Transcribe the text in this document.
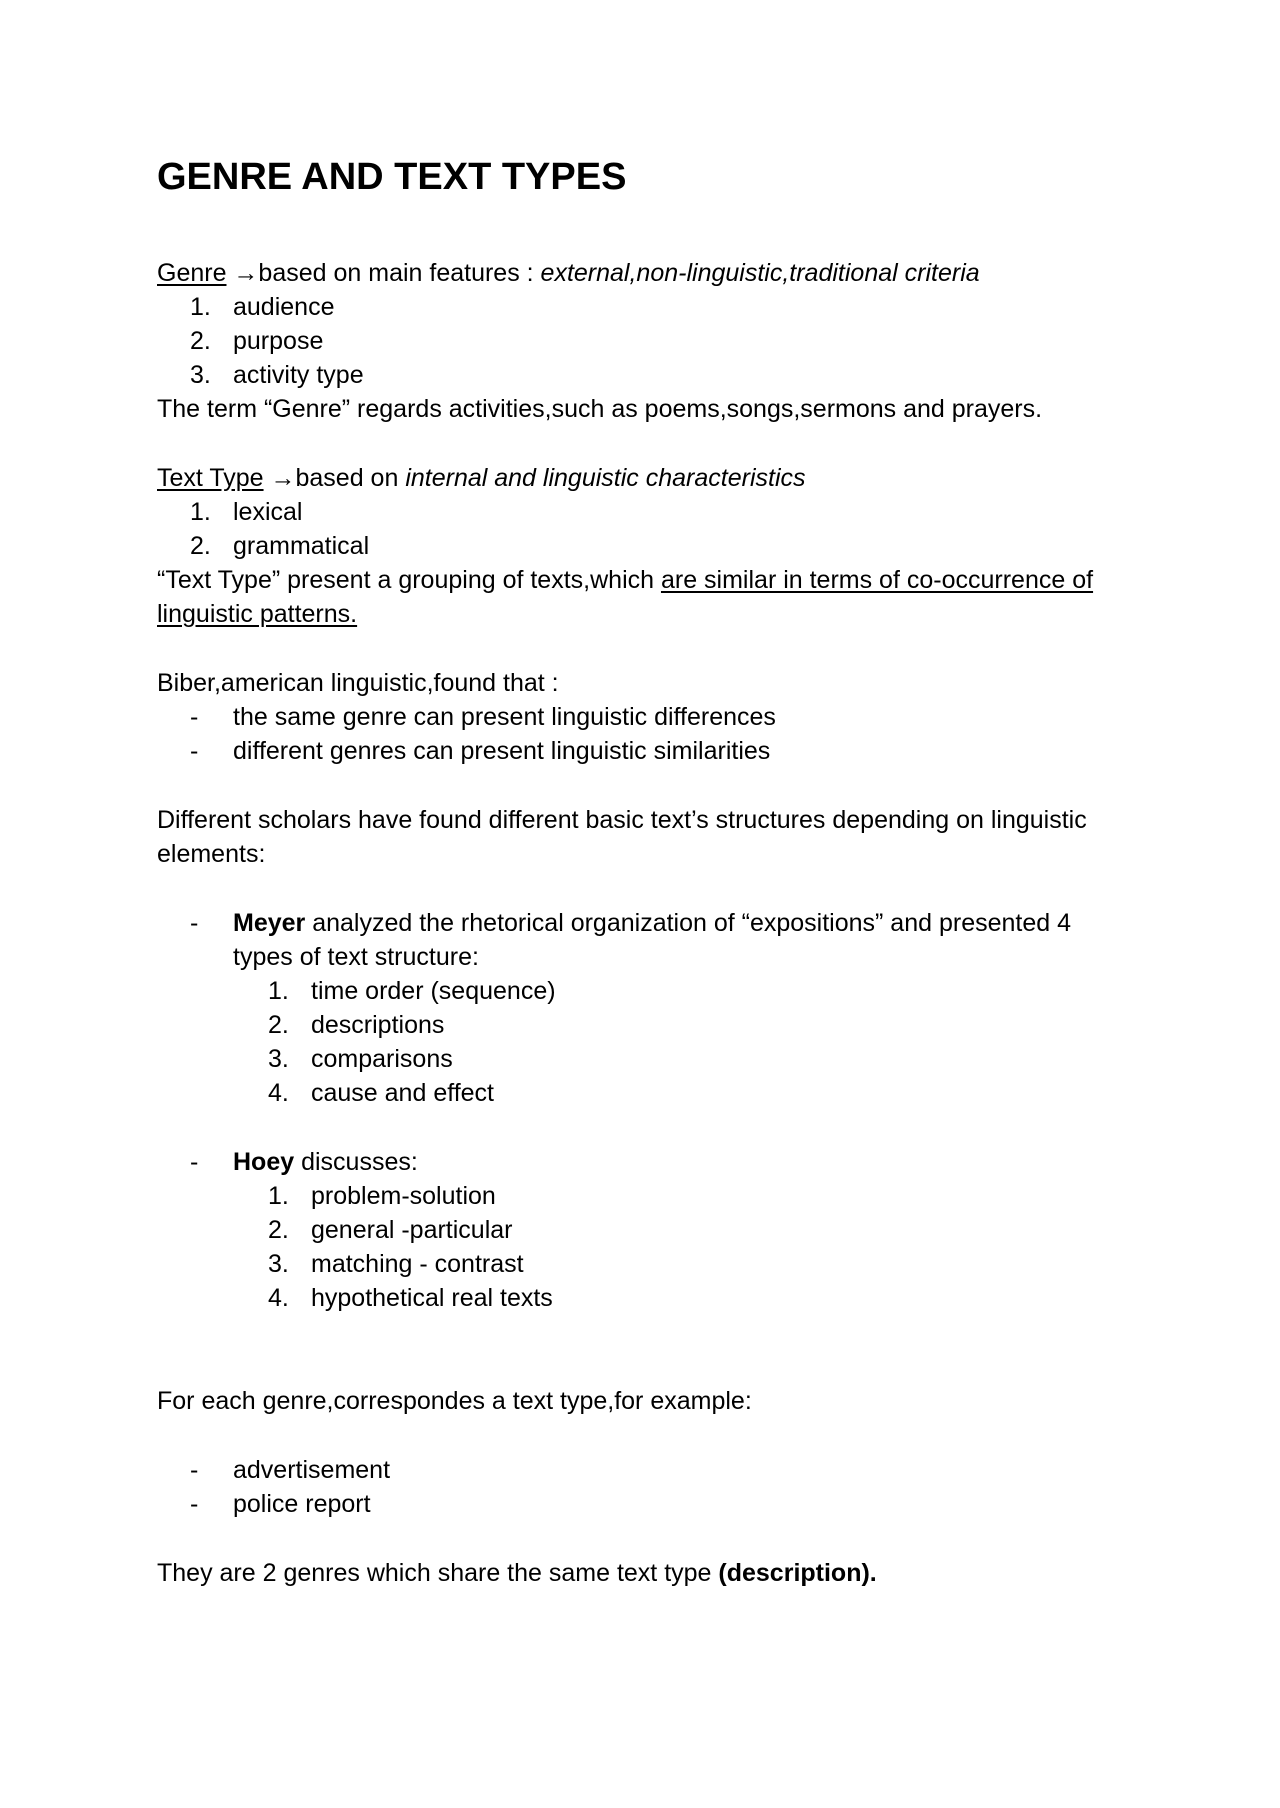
GENRE AND TEXT TYPES
Genre →based on main features : external,non-linguistic,traditional criteria
1. audience
2. purpose
3. activity type
The term “Genre” regards activities,such as poems,songs,sermons and prayers.
Text Type →based on internal and linguistic characteristics
1. lexical
2. grammatical
“Text Type” present a grouping of texts,which are similar in terms of co-occurrence of
linguistic patterns.
Biber,american linguistic,found that :
- the same genre can present linguistic differences
- different genres can present linguistic similarities
Different scholars have found different basic text’s structures depending on linguistic
elements:
- Meyer analyzed the rhetorical organization of “expositions” and presented 4
types of text structure:
1. time order (sequence)
2. descriptions
3. comparisons
4. cause and effect
- Hoey discusses:
1. problem-solution
2. general -particular
3. matching - contrast
4. hypothetical real texts
For each genre,correspondes a text type,for example:
- advertisement
- police report
They are 2 genres which share the same text type (description).
